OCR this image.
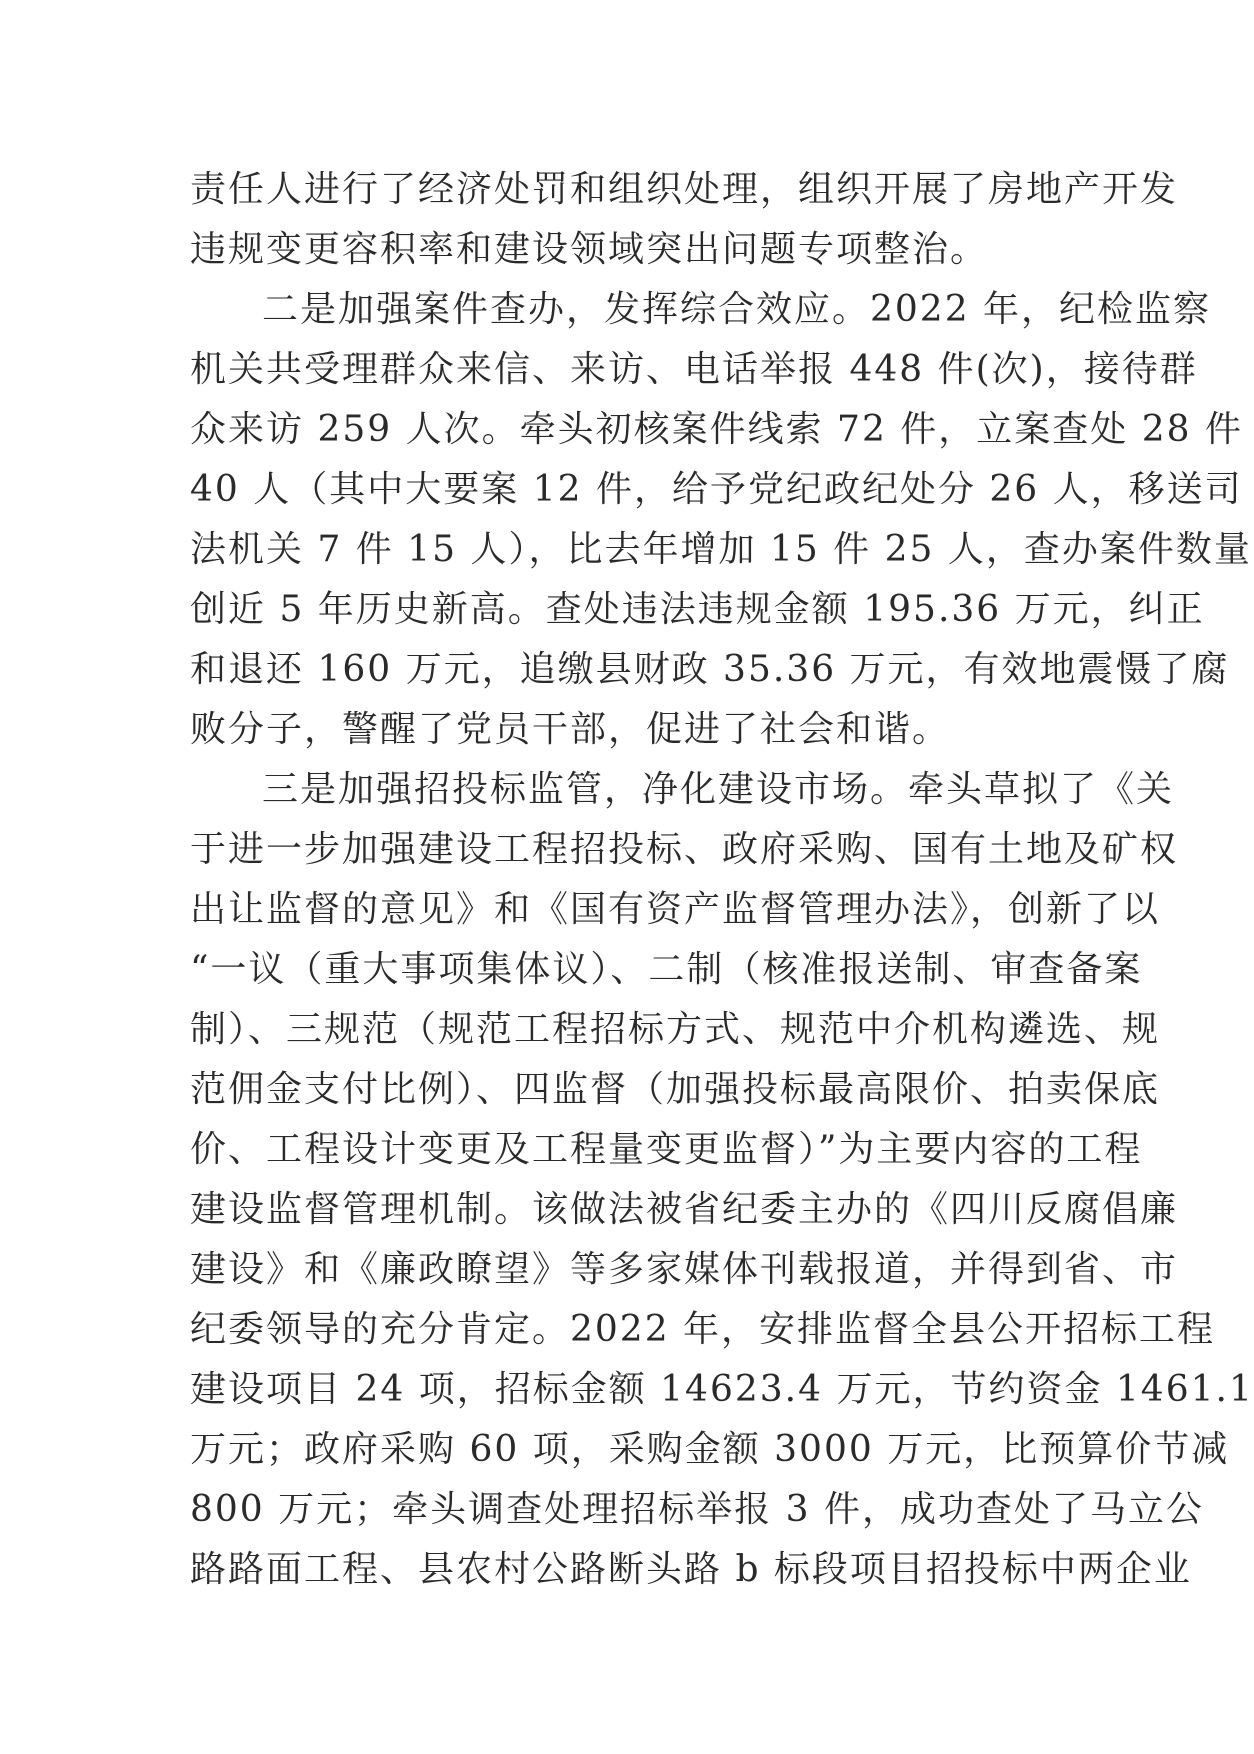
责任人进行了经济处罚和组织处理，组织开展了房地产开发
违规变更容积率和建设领域突出问题专项整治。
二是加强案件查办，发挥综合效应。2022 年，纪检监察
机关共受理群众来信、来访、电话举报 448 件(次)，接待群
众来访 259 人次。牵头初核案件线索 72 件，立案查处 28 件
40 人（其中大要案 12 件，给予党纪政纪处分 26 人，移送司
法机关 7 件 15 人），比去年增加 15 件 25 人，查办案件数量
创近 5 年历史新高。查处违法违规金额 195.36 万元，纠正
和退还 160 万元，追缴县财政 35.36 万元，有效地震慑了腐
败分子，警醒了党员干部，促进了社会和谐。
三是加强招投标监管，净化建设市场。牵头草拟了《关
于进一步加强建设工程招投标、政府采购、国有土地及矿权
出让监督的意见》和《国有资产监督管理办法》，创新了以
“一议（重大事项集体议）、二制（核准报送制、审查备案
制）、三规范（规范工程招标方式、规范中介机构遴选、规
范佣金支付比例）、四监督（加强投标最高限价、拍卖保底
价、工程设计变更及工程量变更监督）”为主要内容的工程
建设监督管理机制。该做法被省纪委主办的《四川反腐倡廉
建设》和《廉政瞭望》等多家媒体刊载报道，并得到省、市
纪委领导的充分肯定。2022 年，安排监督全县公开招标工程
建设项目 24 项，招标金额 14623.4 万元，节约资金 1461.1
万元；政府采购 60 项，采购金额 3000 万元，比预算价节减
800 万元；牵头调查处理招标举报 3 件，成功查处了马立公
路路面工程、县农村公路断头路 b 标段项目招投标中两企业
